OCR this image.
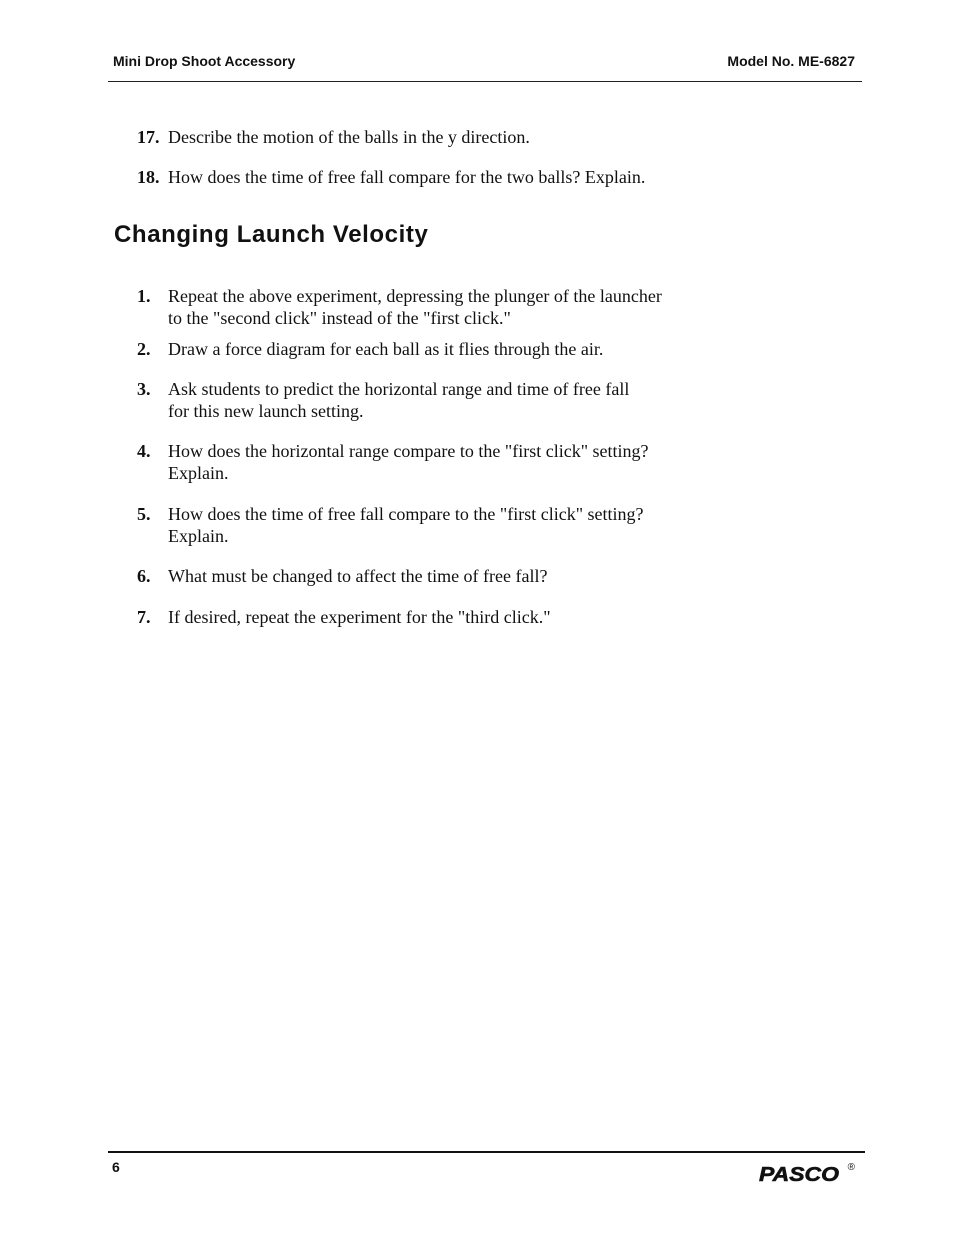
Mini Drop Shoot Accessory	Model No. ME-6827
17. Describe the motion of the balls in the y direction.
18. How does the time of free fall compare for the two balls? Explain.
Changing Launch Velocity
1. Repeat the above experiment, depressing the plunger of the launcher
to the "second click" instead of the "first click."
2. Draw a force diagram for each ball as it flies through the air.
3. Ask students to predict the horizontal range and time of free fall
for this new launch setting.
4. How does the horizontal range compare to the "first click" setting?
Explain.
5. How does the time of free fall compare to the "first click" setting?
Explain.
6. What must be changed to affect the time of free fall?
7. If desired, repeat the experiment for the "third click."
6	PASCO ®
